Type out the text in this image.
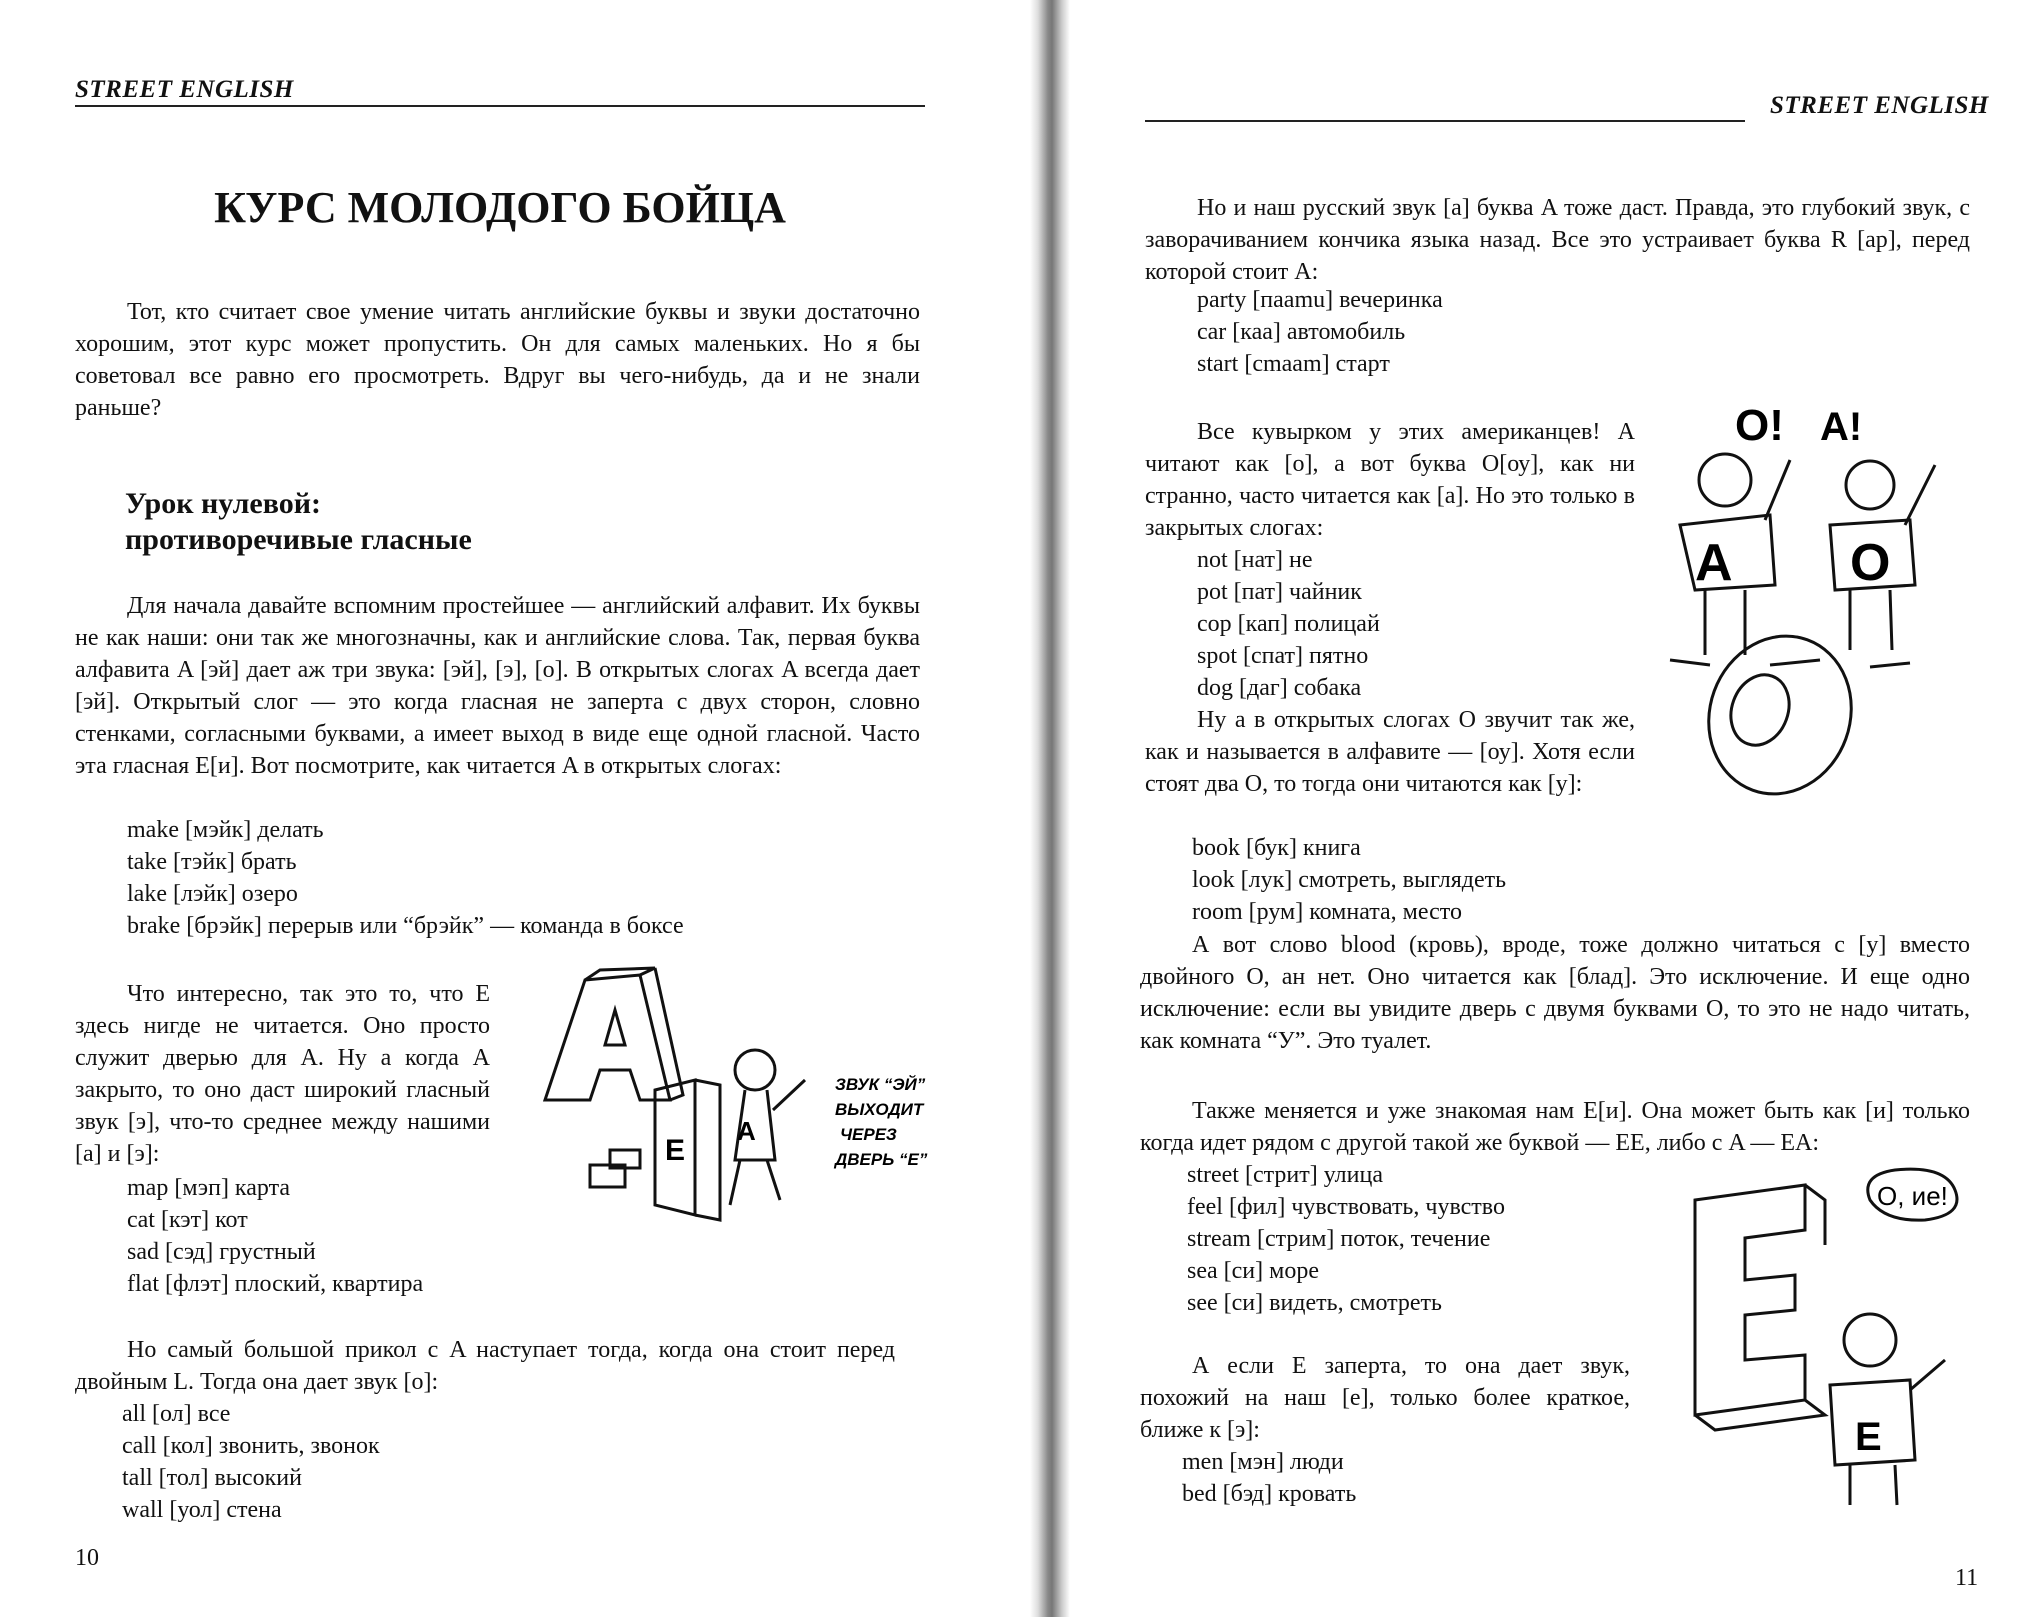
STREET ENGLISH
КУРС МОЛОДОГО БОЙЦА

Тот, кто считает свое умение читать английские буквы и звуки достаточно хорошим, этот курс может пропустить. Он для самых маленьких. Но я бы советовал все равно его просмотреть. Вдруг вы чего-нибудь, да и не знали раньше?

Урок нулевой:
противоречивые гласные

Для начала давайте вспомним простейшее — английский алфавит. Их буквы не как наши: они так же многозначны, как и английские слова. Так, первая буква алфавита A [эй] дает аж три звука: [эй], [э], [о]. В открытых слогах A всегда дает [эй]. Открытый слог — это когда гласная не заперта с двух сторон, словно стенками, согласными буквами, а имеет выход в виде еще одной гласной. Часто эта гласная E[и]. Вот посмотрите, как читается A в открытых слогах:

make [мэйк] делать
take [тэйк] брать
lake [лэйк] озеро
brake [брэйк] перерыв или “брэйк” — команда в боксе

Что интересно, так это то, что E здесь нигде не читается. Оно просто служит дверью для A. Ну а когда A закрыто, то оно даст широкий гласный звук [э], что-то среднее между нашими [а] и [э]:

map [мэп] карта
cat [кэт] кот
sad [сэд] грустный
flat [флэт] плоский, квартира
E
A
ЗВУК “ЭЙ”
ВЫХОДИТ
ЧЕРЕЗ
ДВЕРЬ “Е”

Но самый большой прикол с A наступает тогда, когда она стоит перед двойным L. Тогда она дает звук [о]:

all [ол] все
call [кол] звонить, звонок
tall [тол] высокий
wall [уол] стена
10
STREET ENGLISH

Но и наш русский звук [а] буква A тоже даст. Правда, это глубокий звук, с заворачиванием кончика языка назад. Все это устраивает буква R [ар], перед которой стоит A:

party [пaamu] вечеринка
car [каа] автомобиль
start [cmaam] старт

Все кувырком у этих американцев! A читают как [о], а вот буква O[оу], как ни странно, часто читается как [а]. Но это только в закрытых слогах:

not [нат] не
pot [пат] чайник
cop [кап] полицай
spot [спат] пятно
dog [даг] собака

Ну а в открытых слогах O звучит так же, как и называется в алфавите — [оу]. Хотя если стоят два O, то тогда они читаются как [у]:

book [бук] книга
look [лук] смотреть, выглядеть
room [рум] комната, место
O! A!
A O

А вот слово blood (кровь), вроде, тоже должно читаться с [у] вместо двойного O, ан нет. Оно читается как [блад]. Это исключение. И еще одно исключение: если вы увидите дверь с двумя буквами O, то это не надо читать, как комната “У”. Это туалет.

Также меняется и уже знакомая нам E[и]. Она может быть как [и] только когда идет рядом с другой такой же буквой — EE, либо с A — EA:

street [стрит] улица
feel [фил] чувствовать, чувство
stream [стрим] поток, течение
sea [си] море
see [си] видеть, смотреть

А если E заперта, то она дает звук, похожий на наш [е], только более краткое, ближе к [э]:

men [мэн] люди
bed [бэд] кровать
О, ие!
E
11
